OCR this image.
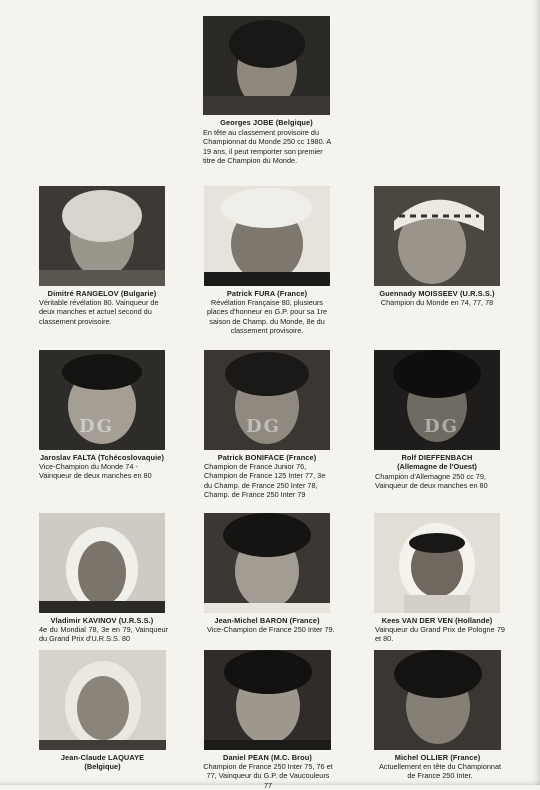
Georges JOBE (Belgique)
En tête au classement provisoire du Championnat du Monde 250 cc 1980. A 19 ans, il peut remporter son premier titre de Champion du Monde.
Dimitré RANGELOV (Bulgarie)
Véritable révélation 80. Vainqueur de deux manches et actuel second du classement provisoire.
Patrick FURA (France)
Révélation Française 80, plusieurs places d'honneur en G.P. pour sa 1re saison de Champ. du Monde, 8e du classement provisoire.
Guennady MOISSEEV (U.R.S.S.)
Champion du Monde en 74, 77, 78
DG
Jaroslav FALTA (Tchécoslovaquie)
Vice-Champion du Monde 74 - Vainqueur de deux manches en 80
DG
Patrick BONIFACE (France)
Champion de France Junior 76, Champion de France 125 Inter 77, 3e du Champ. de France 250 Inter 78, Champ. de France 250 Inter 79
DG
Rolf DIEFFENBACH
(Allemagne de l'Ouest)
Champion d'Allemagne 250 cc 79, Vainqueur de deux manches en 80
Vladimir KAVINOV (U.R.S.S.)
4e du Mondial 78, 3e en 79, Vainqueur du Grand Prix d'U.R.S.S. 80
Jean-Michel BARON (France)
Vice-Champion de France 250 Inter 79.
Kees VAN DER VEN (Hollande)
Vainqueur du Grand Prix de Pologne 79 et 80.
Jean-Claude LAQUAYE
(Belgique)
Daniel PEAN (M.C. Brou)
Champion de France 250 Inter 75, 76 et 77, Vainqueur du G.P. de Vaucouleurs 77
Michel OLLIER (France)
Actuellement en tête du Championnat de France 250 Inter.
